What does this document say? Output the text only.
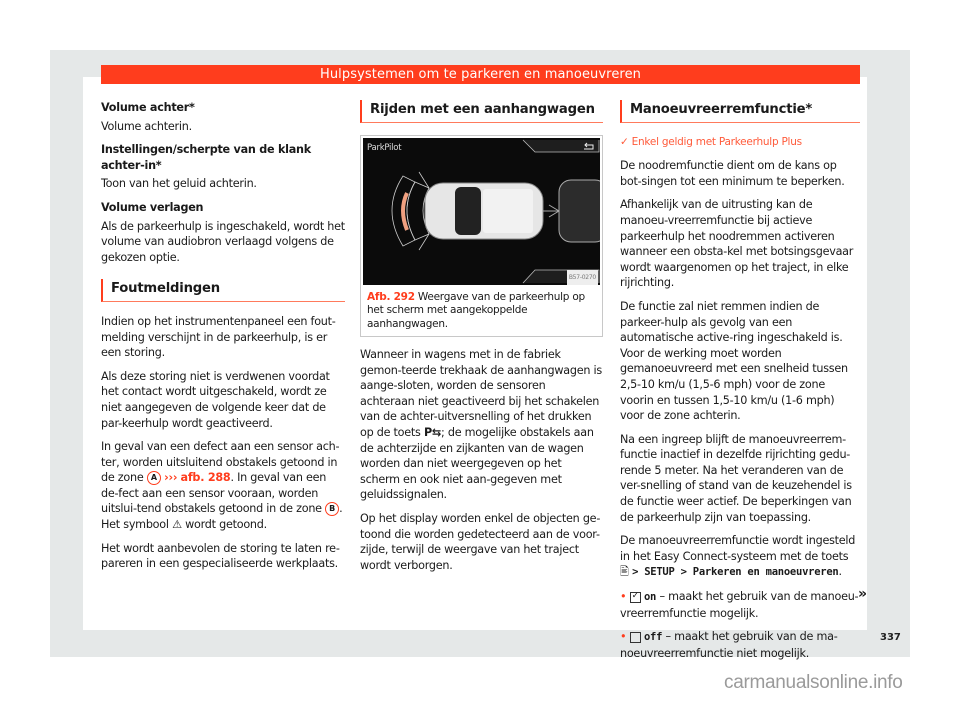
Hulpsystemen om te parkeren en manoeuvreren
Volume achter*

Volume achterin.

Instellingen/scherpte van de klank achter-in*

Toon van het geluid achterin.

Volume verlagen

Als de parkeerhulp is ingeschakeld, wordt het volume van audiobron verlaagd volgens de gekozen optie.

Foutmeldingen

Indien op het instrumentenpaneel een fout-melding verschijnt in de parkeerhulp, is er een storing.

Als deze storing niet is verdwenen voordat het contact wordt uitgeschakeld, wordt ze niet aangegeven de volgende keer dat de par-keerhulp wordt geactiveerd.

In geval van een defect aan een sensor ach-ter, worden uitsluitend obstakels getoond in de zone A ››› afb. 288. In geval van een de-fect aan een sensor vooraan, worden uitslui-tend obstakels getoond in de zone B . Het symbool ⚠ wordt getoond.

Het wordt aanbevolen de storing te laten re-pareren in een gespecialiseerde werkplaats.

Rijden met een aanhangwagen
ParkPilot
B57-0270
Afb. 292 Weergave van de parkeerhulp op het scherm met aangekoppelde aanhangwagen.

Wanneer in wagens met in de fabriek gemon-teerde trekhaak de aanhangwagen is aange-sloten, worden de sensoren achteraan niet geactiveerd bij het schakelen van de achter-uitversnelling of het drukken op de toets P⇆; de mogelijke obstakels aan de achterzijde en zijkanten van de wagen worden dan niet weergegeven op het scherm en ook niet aan-gegeven met geluidssignalen.

Op het display worden enkel de objecten ge-toond die worden gedetecteerd aan de voor-zijde, terwijl de weergave van het traject wordt verborgen.

Manoeuvreerremfunctie*
✓ Enkel geldig met Parkeerhulp Plus

De noodremfunctie dient om de kans op bot-singen tot een minimum te beperken.

Afhankelijk van de uitrusting kan de manoeu-vreerremfunctie bij actieve parkeerhulp het noodremmen activeren wanneer een obsta-kel met botsingsgevaar wordt waargenomen op het traject, in elke rijrichting.

De functie zal niet remmen indien de parkeer-hulp als gevolg van een automatische active-ring ingeschakeld is. Voor de werking moet worden gemanoeuvreerd met een snelheid tussen 2,5-10 km/u (1,5-6 mph) voor de zone voorin en tussen 1,5-10 km/u (1-6 mph) voor de zone achterin.

Na een ingreep blijft de manoeuvreerrem-functie inactief in dezelfde rijrichting gedu-rende 5 meter. Na het veranderen van de ver-snelling of stand van de keuzehendel is de functie weer actief. De beperkingen van de parkeerhulp zijn van toepassing.

De manoeuvreerremfunctie wordt ingesteld in het Easy Connect-systeem met de toets 🖹 > SETUP > Parkeren en manoeuvreren.

• ✓ on – maakt het gebruik van de manoeu-vreerremfunctie mogelijk.

• off – maakt het gebruik van de ma-noeuvreerremfunctie niet mogelijk.

»
337
carmanualsonline.info
